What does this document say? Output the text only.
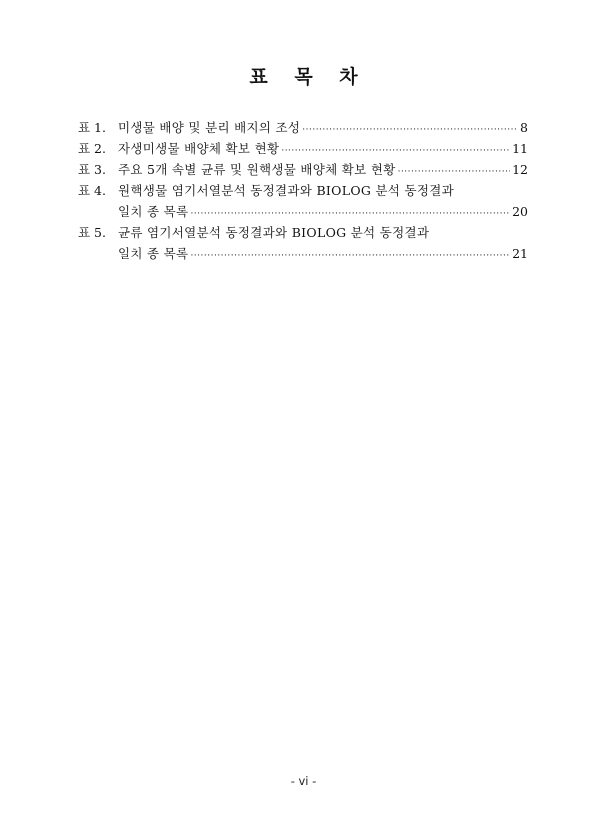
표 목 차
표 1. 미생물 배양 및 분리 배지의 조성 ·····	8
표 2. 자생미생물 배양체 확보 현황 ·····	11
표 3. 주요 5개 속별 균류 및 원핵생물 배양체 확보 현황 ·····	12
표 4. 원핵생물 염기서열분석 동정결과와 BIOLOG 분석 동정결과
일치 종 목록 ·····	20
표 5. 균류 염기서열분석 동정결과와 BIOLOG 분석 동정결과
일치 종 목록 ·····	21
- vi -
